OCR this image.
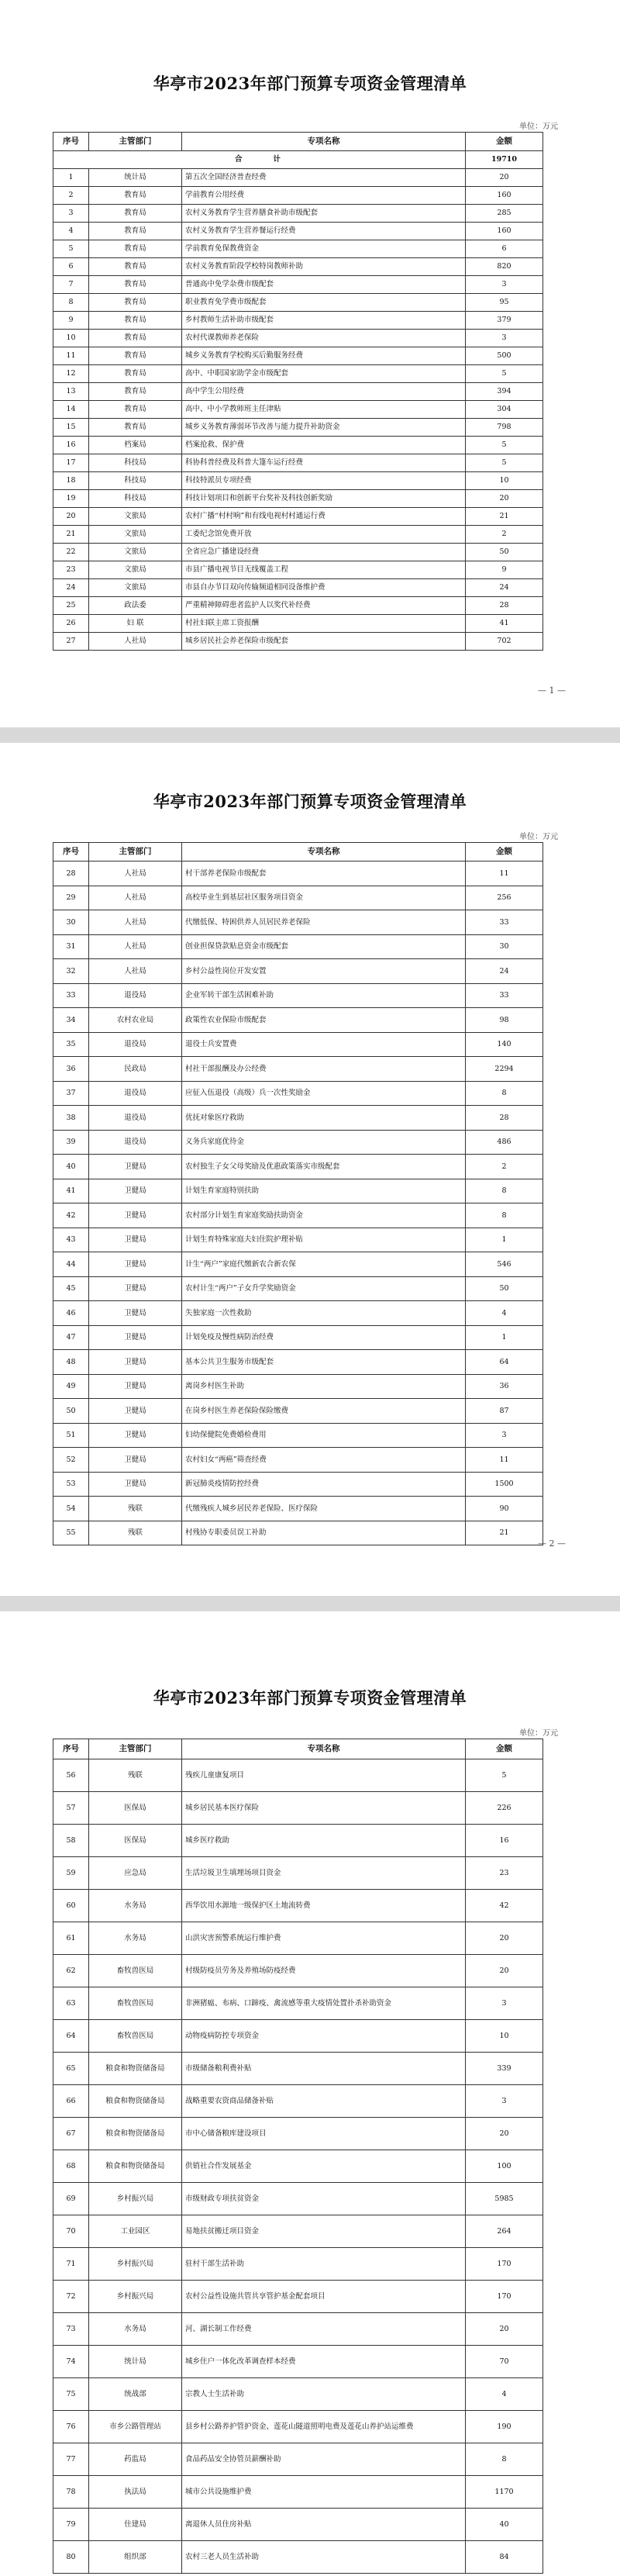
华亭市2023年部门预算专项资金管理清单
单位：万元
序号	主管部门	专项名称	金额
合计			19710
1	统计局	第五次全国经济普查经费	20
2	教育局	学前教育公用经费	160
3	教育局	农村义务教育学生营养膳食补助市级配套	285
4	教育局	农村义务教育学生营养餐运行经费	160
5	教育局	学前教育免保教费资金	6
6	教育局	农村义务教育阶段学校特岗教师补助	820
7	教育局	普通高中免学杂费市级配套	3
8	教育局	职业教育免学费市级配套	95
9	教育局	乡村教师生活补助市级配套	379
10	教育局	农村代课教师养老保险	3
11	教育局	城乡义务教育学校购买后勤服务经费	500
12	教育局	高中、中职国家助学金市级配套	5
13	教育局	高中学生公用经费	394
14	教育局	高中、中小学教师班主任津贴	304
15	教育局	城乡义务教育薄弱环节改善与能力提升补助资金	798
16	档案局	档案抢救、保护费	5
17	科技局	科协科普经费及科普大篷车运行经费	5
18	科技局	科技特派员专项经费	10
19	科技局	科技计划项目和创新平台奖补及科技创新奖励	20
20	文旅局	农村广播“村村响”和有线电视村村通运行费	21
21	文旅局	工委纪念馆免费开放	2
22	文旅局	全省应急广播建设经费	50
23	文旅局	市县广播电视节目无线覆盖工程	9
24	文旅局	市县自办节目双向传输频道相同设备维护费	24
25	政法委	严重精神障碍患者监护人以奖代补经费	28
26	妇 联	村社妇联主席工资报酬	41
27	人社局	城乡居民社会养老保险市级配套	702
— 1 —
华亭市2023年部门预算专项资金管理清单
单位：万元
序号	主管部门	专项名称	金额
28	人社局	村干部养老保险市级配套	11
29	人社局	高校毕业生到基层社区服务项目资金	256
30	人社局	代缴低保、特困供养人员居民养老保险	33
31	人社局	创业担保贷款贴息资金市级配套	30
32	人社局	乡村公益性岗位开发安置	24
33	退役局	企业军转干部生活困难补助	33
34	农村农业局	政策性农业保险市级配套	98
35	退役局	退役士兵安置费	140
36	民政局	村社干部报酬及办公经费	2294
37	退役局	应征入伍退役（高级）兵一次性奖励金	8
38	退役局	优抚对象医疗救助	28
39	退役局	义务兵家庭优待金	486
40	卫健局	农村独生子女父母奖励及优惠政策落实市级配套	2
41	卫健局	计划生育家庭特别扶助	8
42	卫健局	农村部分计划生育家庭奖励扶助资金	8
43	卫健局	计划生育特殊家庭夫妇住院护理补贴	1
44	卫健局	计生“两户”家庭代缴新农合新农保	546
45	卫健局	农村计生“两户”子女升学奖励资金	50
46	卫健局	失独家庭一次性救助	4
47	卫健局	计划免疫及慢性病防治经费	1
48	卫健局	基本公共卫生服务市级配套	64
49	卫健局	离岗乡村医生补助	36
50	卫健局	在岗乡村医生养老保险保险缴费	87
51	卫健局	妇幼保健院免费婚检费用	3
52	卫健局	农村妇女“两癌”筛查经费	11
53	卫健局	新冠肺炎疫情防控经费	1500
54	残联	代缴残疾人城乡居民养老保险、医疗保险	90
55	残联	村残协专职委员误工补助	21
— 2 —
华亭市2023年部门预算专项资金管理清单
单位：万元
序号	主管部门	专项名称	金额
56	残联	残疾儿童康复项目	5
57	医保局	城乡居民基本医疗保险	226
58	医保局	城乡医疗救助	16
59	应急局	生活垃圾卫生填埋场项目资金	23
60	水务局	西华饮用水源地一级保护区土地流转费	42
61	水务局	山洪灾害预警系统运行维护费	20
62	畜牧兽医局	村级防疫员劳务及养殖场防疫经费	20
63	畜牧兽医局	非洲猪瘟、布病、口蹄疫、禽流感等重大疫情处置扑杀补助资金	3
64	畜牧兽医局	动物疫病防控专项资金	10
65	粮食和物资储备局	市级储备粮利费补贴	339
66	粮食和物资储备局	战略重要农资商品储备补贴	3
67	粮食和物资储备局	市中心储备粮库建设项目	20
68	粮食和物资储备局	供销社合作发展基金	100
69	乡村振兴局	市级财政专项扶贫资金	5985
70	工业园区	易地扶贫搬迁项目资金	264
71	乡村振兴局	驻村干部生活补助	170
72	乡村振兴局	农村公益性设施共管共享管护基金配套项目	170
73	水务局	河、湖长制工作经费	20
74	统计局	城乡住户一体化改革调查样本经费	70
75	统战部	宗教人士生活补助	4
76	市乡公路管理站	县乡村公路养护管护资金、莲花山隧道照明电费及莲花山养护站运维费	190
77	药监局	食品药品安全协管员薪酬补助	8
78	执法局	城市公共设施维护费	1170
79	住建局	离退休人员住房补贴	40
80	组织部	农村三老人员生活补助	84
